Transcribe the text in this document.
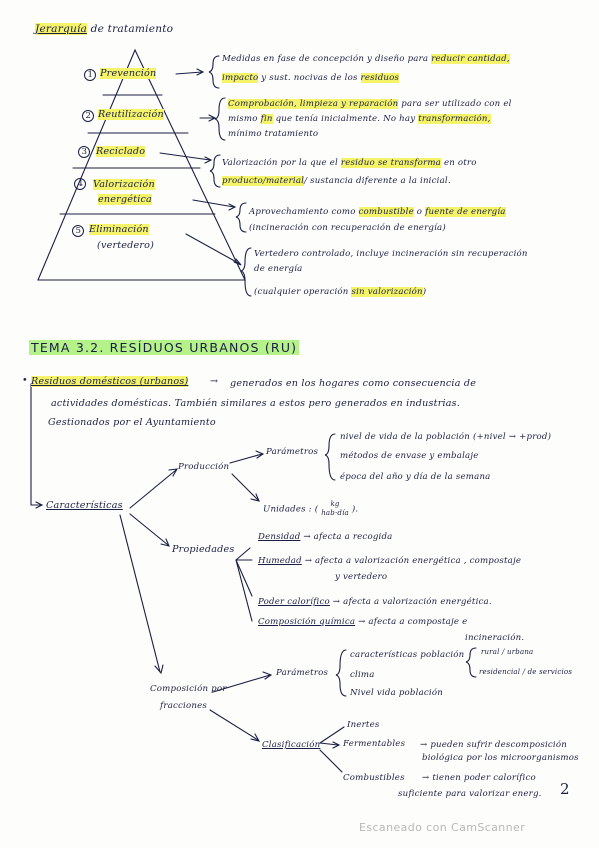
Jerarquía de tratamiento
1 Prevención
2 Reutilización
3 Reciclado
4 Valorización
energética
5 Eliminación
(vertedero)
Medidas en fase de concepción y diseño para reducir cantidad,
impacto y sust. nocivas de los residuos
Comprobación, limpieza y reparación para ser utilizado con el
mismo fin que tenía inicialmente. No hay transformación,
mínimo tratamiento
Valorización por la que el residuo se transforma en otro
producto/material/ sustancia diferente a la inicial.
Aprovechamiento como combustible o fuente de energía
(incineración con recuperación de energía)
Vertedero controlado, incluye incineración sin recuperación
de energía
(cualquier operación sin valorización)
TEMA 3.2. RESÍDUOS URBANOS (RU)
• Residuos domésticos (urbanos) → generados en los hogares como consecuencia de
actividades domésticas. También similares a estos pero generados en industrias.
Gestionados por el Ayuntamiento
Características
Producción
Parámetros
nivel de vida de la población (+nivel → +prod)
métodos de envase y embalaje
época del año y día de la semana
Unidades : (
kg
hab·día ).
Propiedades
Densidad → afecta a recogida
Humedad → afecta a valorización energética , compostaje
y vertedero
Poder calorífico → afecta a valorización energética.
Composición química → afecta a compostaje e
incineración.
Composición por
fracciones
Parámetros
características población
clima
Nivel vida población
rural / urbana
residencial / de servicios
Clasificación
Inertes
Fermentables → pueden sufrir descomposición
biológica por los microorganismos
Combustibles → tienen poder calorífico
suficiente para valorizar energ. 2
Escaneado con CamScanner
